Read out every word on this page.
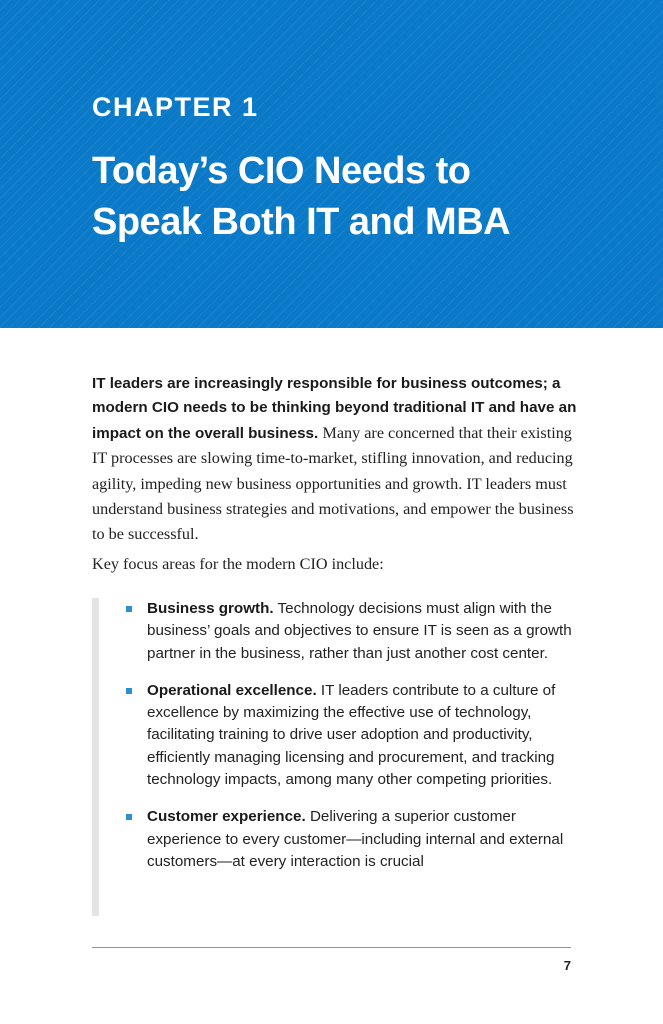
CHAPTER 1
Today’s CIO Needs to
Speak Both IT and MBA
IT leaders are increasingly responsible for business outcomes; a modern CIO needs to be thinking beyond traditional IT and have an impact on the overall business. Many are concerned that their existing IT processes are slowing time-to-market, stifling innovation, and reducing agility, impeding new business opportunities and growth. IT leaders must understand business strategies and motivations, and empower the business to be successful.
Key focus areas for the modern CIO include:
Business growth. Technology decisions must align with the business’ goals and objectives to ensure IT is seen as a growth partner in the business, rather than just another cost center.
Operational excellence. IT leaders contribute to a culture of excellence by maximizing the effective use of technology, facilitating training to drive user adoption and productivity, efficiently managing licensing and procurement, and tracking technology impacts, among many other competing priorities.
Customer experience. Delivering a superior customer experience to every customer—including internal and external customers—at every interaction is crucial
7
